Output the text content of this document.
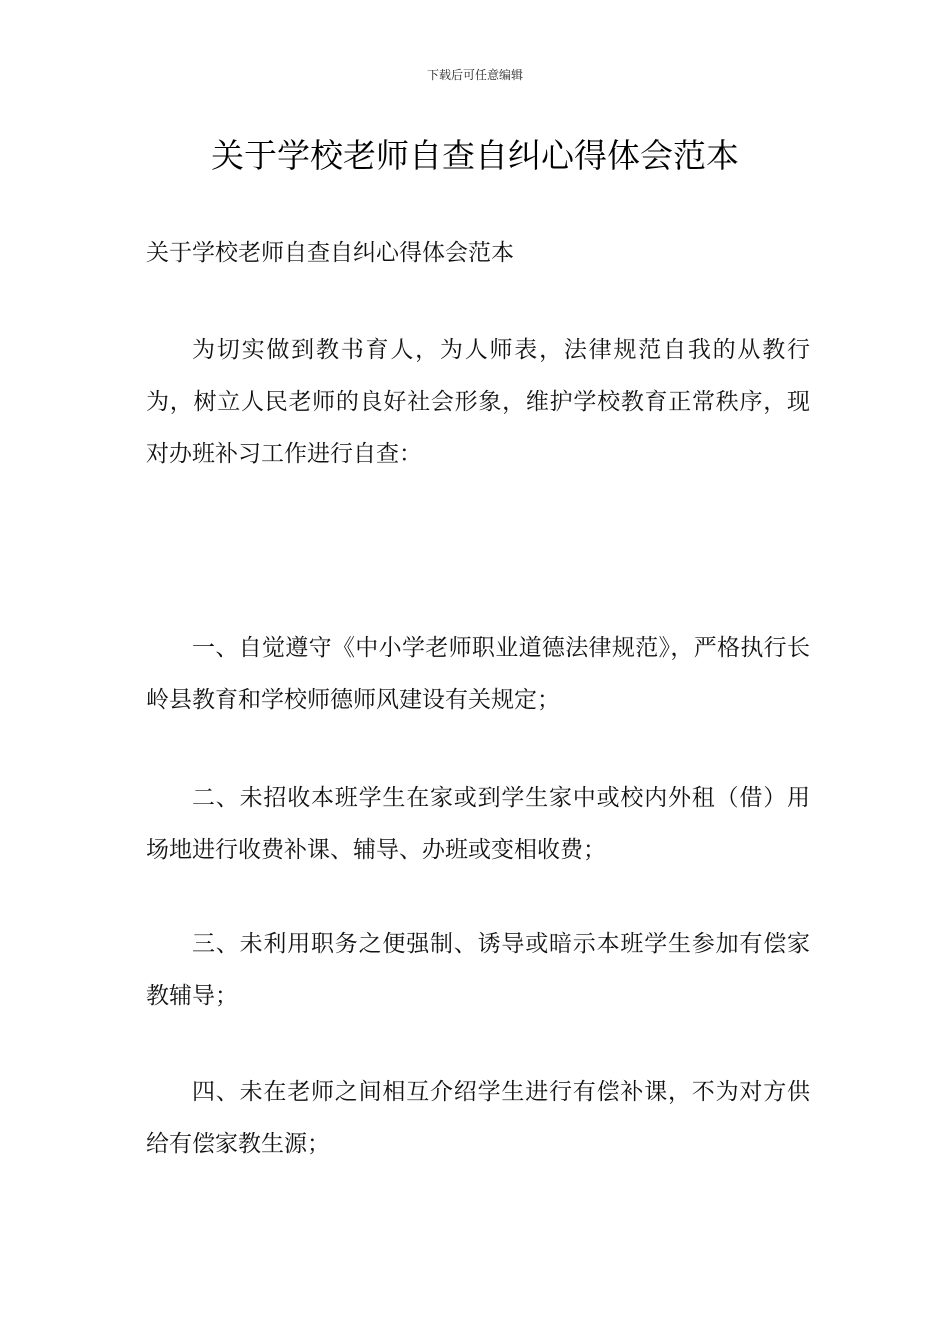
下载后可任意编辑
关于学校老师自查自纠心得体会范本
关于学校老师自查自纠心得体会范本

为切实做到教书育人，为人师表，法律规范自我的从教行为，树立人民老师的良好社会形象，维护学校教育正常秩序，现对办班补习工作进行自查：

一、自觉遵守《中小学老师职业道德法律规范》，严格执行长岭县教育和学校师德师风建设有关规定；

二、未招收本班学生在家或到学生家中或校内外租（借）用场地进行收费补课、辅导、办班或变相收费；

三、未利用职务之便强制、诱导或暗示本班学生参加有偿家教辅导；

四、未在老师之间相互介绍学生进行有偿补课，不为对方供给有偿家教生源；
